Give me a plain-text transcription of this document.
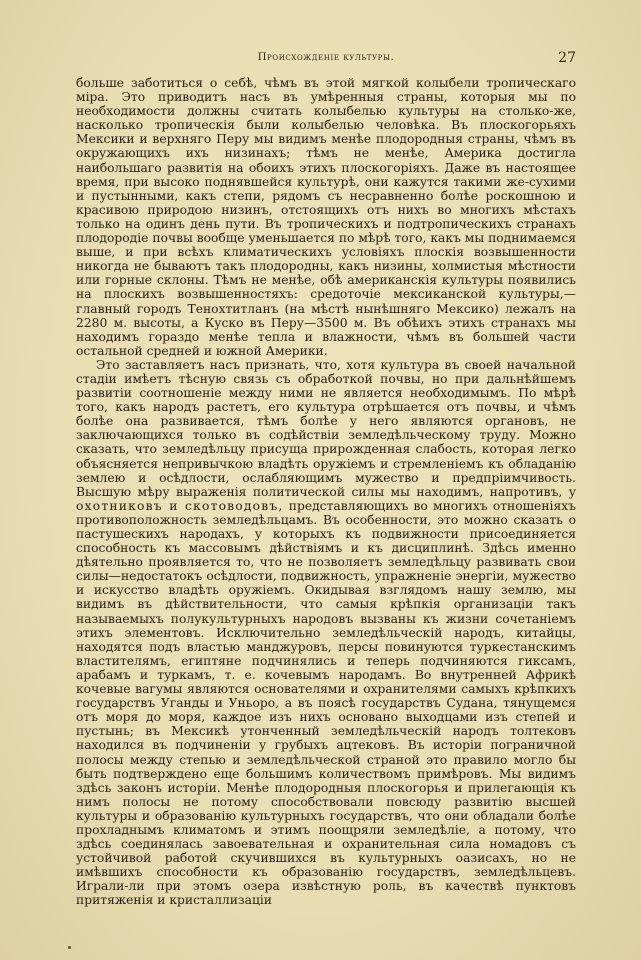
Происхожденiе культуры.	27

больше заботиться о себѣ, чѣмъ въ этой мягкой колыбели тропическаго мiра. Это приводитъ насъ въ умѣренныя страны, которыя мы по необходимости должны считать колыбелью культуры на столько-же, насколько тропическiя были колыбелью человѣка. Въ плоскогорьяхъ Мексики и верхняго Перу мы видимъ менѣе плодородныя страны, чѣмъ въ окружающихъ ихъ низинахъ; тѣмъ не менѣе, Америка достигла наибольшаго развитiя на обоихъ этихъ плоскогорiяхъ. Даже въ настоящее время, при высоко поднявшейся культурѣ, они кажутся такими же-сухими и пустынными, какъ степи, рядомъ съ несравненно болѣе роскошною и красивою природою низинъ, отстоящихъ отъ нихъ во многихъ мѣстахъ только на одинъ день пути. Въ тропическихъ и подтропическихъ странахъ плодородiе почвы вообще уменьшается по мѣрѣ того, какъ мы поднимаемся выше, и при всѣхъ климатическихъ условiяхъ плоскiя возвышенности никогда не бываютъ такъ плодородны, какъ низины, холмистыя мѣстности или горные склоны. Тѣмъ не менѣе, обѣ американскiя культуры появились на плоскихъ возвышенностяхъ: средоточiе мексиканской культуры,—главный городъ Тенохтитланъ (на мѣстѣ нынѣшняго Мексико) лежалъ на 2280 м. высоты, а Куско въ Перу—3500 м. Въ обѣихъ этихъ странахъ мы находимъ гораздо менѣе тепла и влажности, чѣмъ въ большей части остальной средней и южной Америки.

Это заставляетъ насъ признать, что, хотя культура въ своей начальной стадiи имѣетъ тѣсную связь съ обработкой почвы, но при дальнѣйшемъ развитiи соотношенiе между ними не является необходимымъ. По мѣрѣ того, какъ народъ растетъ, его культура отрѣшается отъ почвы, и чѣмъ болѣе она развивается, тѣмъ болѣе у него являются органовъ, не заключающихся только въ содѣйствiи земледѣльческому труду. Можно сказать, что земледѣльцу присуща прирожденная слабость, которая легко объясняется непривычкою владѣть оружiемъ и стремленiемъ къ обладанiю землею и осѣдлости, ослабляющимъ мужество и предпрiимчивость. Высшую мѣру выраженiя политической силы мы находимъ, напротивъ, у охотниковъ и скотоводовъ, представляющихъ во многихъ отношенiяхъ противоположность земледѣльцамъ. Въ особенности, это можно сказать о пастушескихъ народахъ, у которыхъ къ подвижности присоединяется способность къ массовымъ дѣйствiямъ и къ дисциплинѣ. Здѣсь именно дѣятельно проявляется то, что не позволяетъ земледѣльцу развивать свои силы—недостатокъ осѣдлости, подвижность, упражненiе энергiи, мужество и искусство владѣть оружiемъ. Окидывая взглядомъ нашу землю, мы видимъ въ дѣйствительности, что самыя крѣпкiя организацiи такъ называемыхъ полукультурныхъ народовъ вызваны къ жизни сочетанiемъ этихъ элементовъ. Исключительно земледѣльческiй народъ, китайцы, находятся подъ властью манджуровъ, персы повинуются туркестанскимъ властителямъ, египтяне подчинялись и теперь подчиняются гиксамъ, арабамъ и туркамъ, т. е. кочевымъ народамъ. Во внутренней Африкѣ кочевые вагумы являются основателями и охранителями самыхъ крѣпкихъ государствъ Уганды и Уньоро, а въ поясѣ государствъ Судана, тянущемся отъ моря до моря, каждое изъ нихъ основано выходцами изъ степей и пустынь; въ Мексикѣ утонченный земледѣльческiй народъ толтековъ находился въ подчиненiи у грубыхъ ацтековъ. Въ исторiи пограничной полосы между степью и земледѣльческой страной это правило могло бы быть подтверждено еще большимъ количествомъ примѣровъ. Мы видимъ здѣсь законъ исторiи. Менѣе плодородныя плоскогорья и прилегающiя къ нимъ полосы не потому способствовали повсюду развитiю высшей культуры и образованiю культурныхъ государствъ, что они обладали болѣе прохладнымъ климатомъ и этимъ поощряли земледѣлiе, а потому, что здѣсь соединялась завоевательная и охранительная сила номадовъ съ устойчивой работой скучившихся въ культурныхъ оазисахъ, но не имѣвшихъ способности къ образованiю государствъ, земледѣльцевъ. Играли-ли при этомъ озера извѣстную роль, въ качествѣ пунктовъ притяженiя и кристаллизацiи
